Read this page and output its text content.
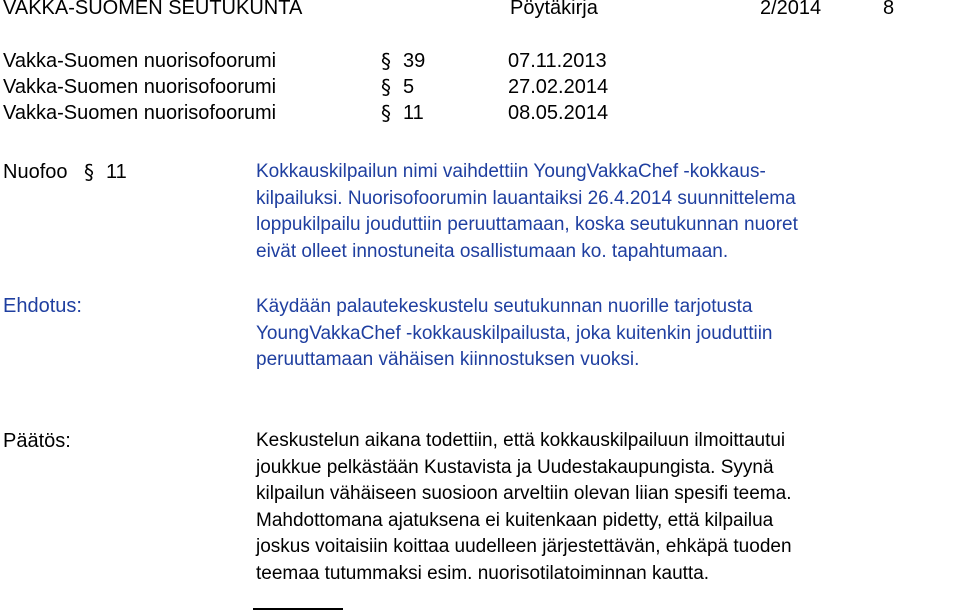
VAKKA-SUOMEN SEUTUKUNTA	Pöytäkirja	2/2014	8
Vakka-Suomen nuorisofoorumi	§ 39	07.11.2013
Vakka-Suomen nuorisofoorumi	§ 5	27.02.2014
Vakka-Suomen nuorisofoorumi	§ 11	08.05.2014
Nuofoo § 11	Kokkauskilpailun nimi vaihdettiin YoungVakkaChef -kokkaus-
kilpailuksi. Nuorisofoorumin lauantaiksi 26.4.2014 suunnittelema
loppukilpailu jouduttiin peruuttamaan, koska seutukunnan nuoret
eivät olleet innostuneita osallistumaan ko. tapahtumaan.
Ehdotus:	Käydään palautekeskustelu seutukunnan nuorille tarjotusta
YoungVakkaChef -kokkauskilpailusta, joka kuitenkin jouduttiin
peruuttamaan vähäisen kiinnostuksen vuoksi.
Päätös:	Keskustelun aikana todettiin, että kokkauskilpailuun ilmoittautui
joukkue pelkästään Kustavista ja Uudestakaupungista. Syynä
kilpailun vähäiseen suosioon arveltiin olevan liian spesifi teema.
Mahdottomana ajatuksena ei kuitenkaan pidetty, että kilpailua
joskus voitaisiin koittaa uudelleen järjestettävän, ehkäpä tuoden
teemaa tutummaksi esim. nuorisotilatoiminnan kautta.
